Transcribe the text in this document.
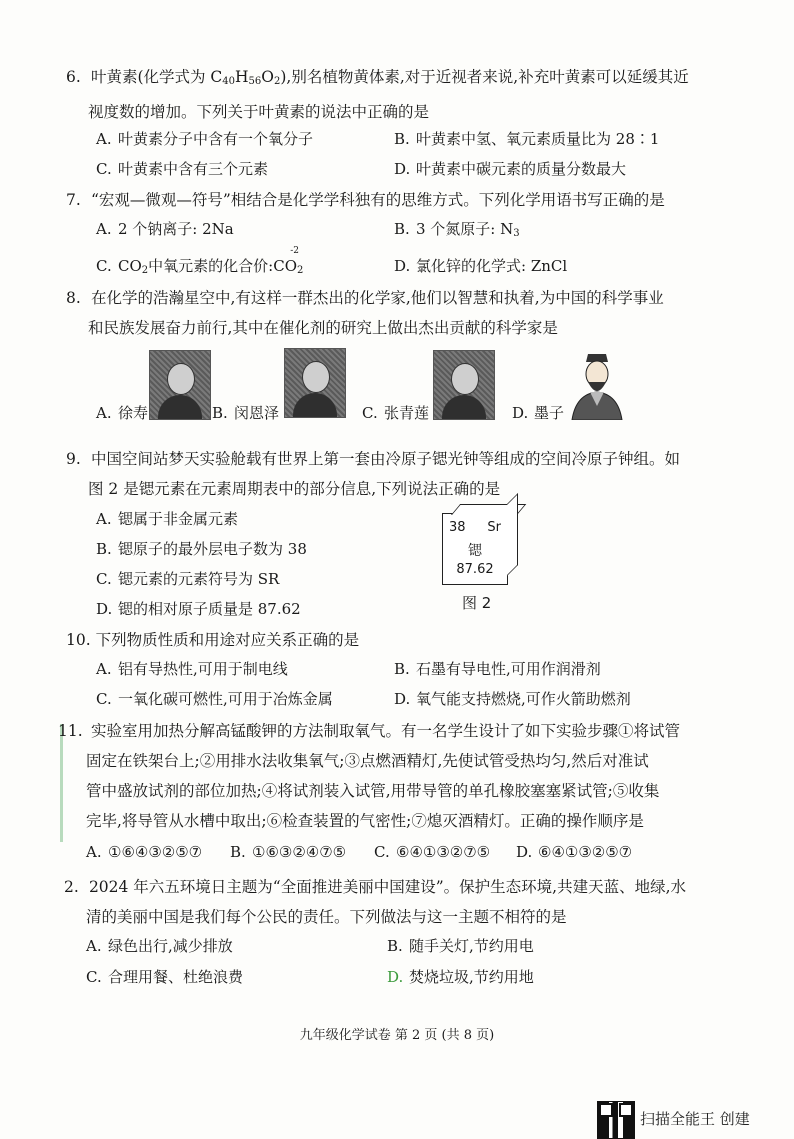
6. 叶黄素(化学式为 $C_{40}H_{56}O_2$),别名植物黄体素,对于近视者来说,补充叶黄素可以延缓其近
视度数的增加。下列关于叶黄素的说法中正确的是
A. 叶黄素分子中含有一个氧分子	B. 叶黄素中氢、氧元素质量比为 28∶1
C. 叶黄素中含有三个元素	D. 叶黄素中碳元素的质量分数最大
7. “宏观—微观—符号”相结合是化学学科独有的思维方式。下列化学用语书写正确的是
A. 2 个钠离子: 2Na	B. 3 个氮原子: $N_3$
C. $CO_2$中氧元素的化合价:CO
-2
$_2$	D. 氯化锌的化学式: ZnCl
8. 在化学的浩瀚星空中,有这样一群杰出的化学家,他们以智慧和执着,为中国的科学事业
和民族发展奋力前行,其中在催化剂的研究上做出杰出贡献的科学家是
A. 徐寿	B. 闵恩泽	C. 张青莲	D. 墨子
9. 中国空间站梦天实验舱载有世界上第一套由冷原子锶光钟等组成的空间冷原子钟组。如
图 2 是锶元素在元素周期表中的部分信息,下列说法正确的是
A. 锶属于非金属元素
B. 锶原子的最外层电子数为 38
C. 锶元素的元素符号为 SR
D. 锶的相对原子质量是 87.62
38 Sr
锶
87.62
图 2
10. 下列物质性质和用途对应关系正确的是
A. 铝有导热性,可用于制电线	B. 石墨有导电性,可用作润滑剂
C. 一氧化碳可燃性,可用于冶炼金属	D. 氧气能支持燃烧,可作火箭助燃剂
11. 实验室用加热分解高锰酸钾的方法制取氧气。有一名学生设计了如下实验步骤①将试管
固定在铁架台上;②用排水法收集氧气;③点燃酒精灯,先使试管受热均匀,然后对准试
管中盛放试剂的部位加热;④将试剂装入试管,用带导管的单孔橡胶塞塞紧试管;⑤收集
完毕,将导管从水槽中取出;⑥检查装置的气密性;⑦熄灭酒精灯。正确的操作顺序是
A. ①⑥④③②⑤⑦ B. ①⑥③②④⑦⑤ C. ⑥④①③②⑦⑤ D. ⑥④①③②⑤⑦
2. 2024 年六五环境日主题为“全面推进美丽中国建设”。保护生态环境,共建天蓝、地绿,水
清的美丽中国是我们每个公民的责任。下列做法与这一主题不相符的是
A. 绿色出行,减少排放	B. 随手关灯,节约用电
C. 合理用餐、杜绝浪费	D. 焚烧垃圾,节约用地
九年级化学试卷 第 2 页 (共 8 页)
扫描全能王 创建
